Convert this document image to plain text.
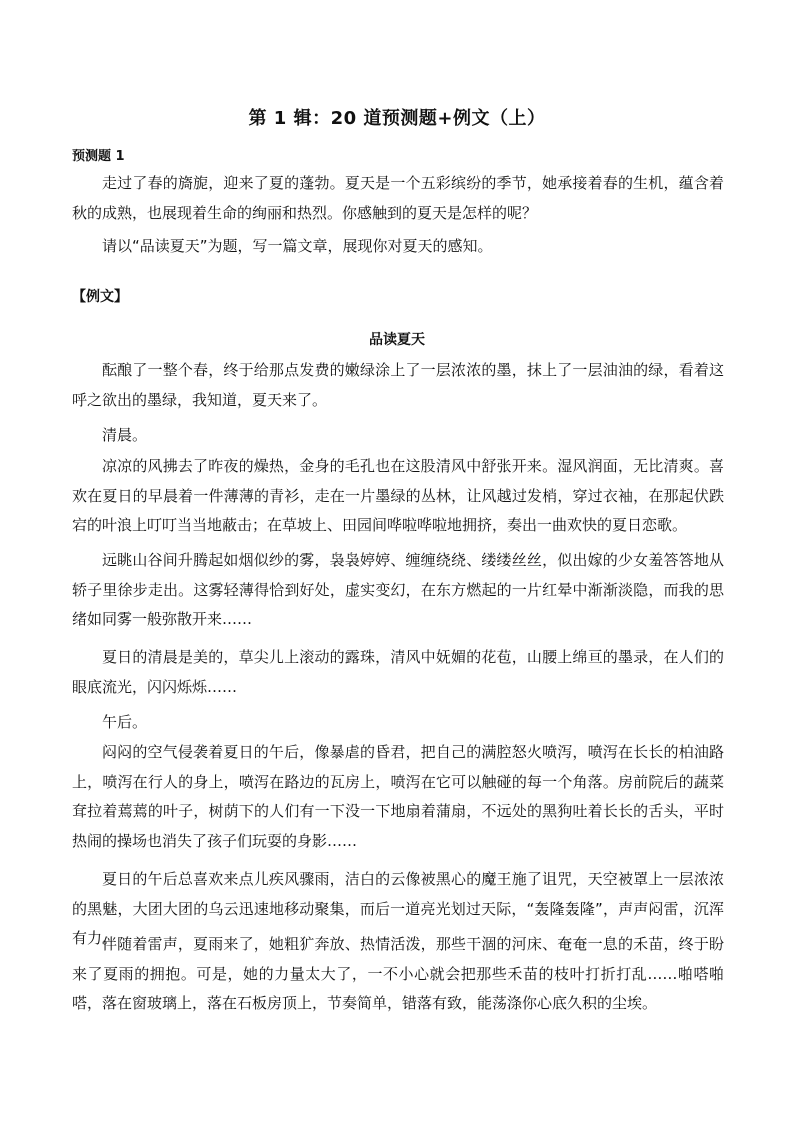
第 1 辑：20 道预测题+例文（上）
预测题 1

走过了春的旖旎，迎来了夏的蓬勃。夏天是一个五彩缤纷的季节，她承接着春的生机，蕴含着秋的成熟，也展现着生命的绚丽和热烈。你感触到的夏天是怎样的呢？

请以“品读夏天”为题，写一篇文章，展现你对夏天的感知。

【例文】
品读夏天

酝酿了一整个春，终于给那点发费的嫩绿涂上了一层浓浓的墨，抹上了一层油油的绿，看着这呼之欲出的墨绿，我知道，夏天来了。

清晨。

凉凉的风拂去了昨夜的燥热，金身的毛孔也在这股清风中舒张开来。湿风润面，无比清爽。喜欢在夏日的早晨着一件薄薄的青衫，走在一片墨绿的丛林，让风越过发梢，穿过衣袖，在那起伏跌宕的叶浪上叮叮当当地蔽击；在草坡上、田园间哗啦哗啦地拥挤，奏出一曲欢快的夏日恋歌。

远眺山谷间升腾起如烟似纱的雾，袅袅婷婷、缠缠绕绕、缕缕丝丝，似出嫁的少女羞答答地从轿子里徐步走出。这雾轻薄得恰到好处，虚实变幻，在东方燃起的一片红晕中渐渐淡隐，而我的思绪如同雾一般弥散开来……

夏日的清晨是美的，草尖儿上滚动的露珠，清风中妩媚的花苞，山腰上绵亘的墨录，在人们的眼底流光，闪闪烁烁……

午后。

闷闷的空气侵袭着夏日的午后，像暴虐的昏君，把自己的满腔怒火喷泻，喷泻在长长的柏油路上，喷泻在行人的身上，喷泻在路边的瓦房上，喷泻在它可以触碰的每一个角落。房前院后的蔬菜耷拉着蔫蔫的叶子，树荫下的人们有一下没一下地扇着蒲扇，不远处的黑狗吐着长长的舌头，平时热闹的操场也消失了孩子们玩耍的身影……

夏日的午后总喜欢来点儿疾风骤雨，洁白的云像被黑心的魔王施了诅咒，天空被罩上一层浓浓的黑魅，大团大团的乌云迅速地移动聚集，而后一道亮光划过天际，“轰隆轰隆”，声声闷雷，沉浑有力。

伴随着雷声，夏雨来了，她粗犷奔放、热情活泼，那些干涸的河床、奄奄一息的禾苗，终于盼来了夏雨的拥抱。可是，她的力量太大了，一不小心就会把那些禾苗的枝叶打折打乱……啪嗒啪嗒，落在窗玻璃上，落在石板房顶上，节奏简单，错落有致，能荡涤你心底久积的尘埃。
